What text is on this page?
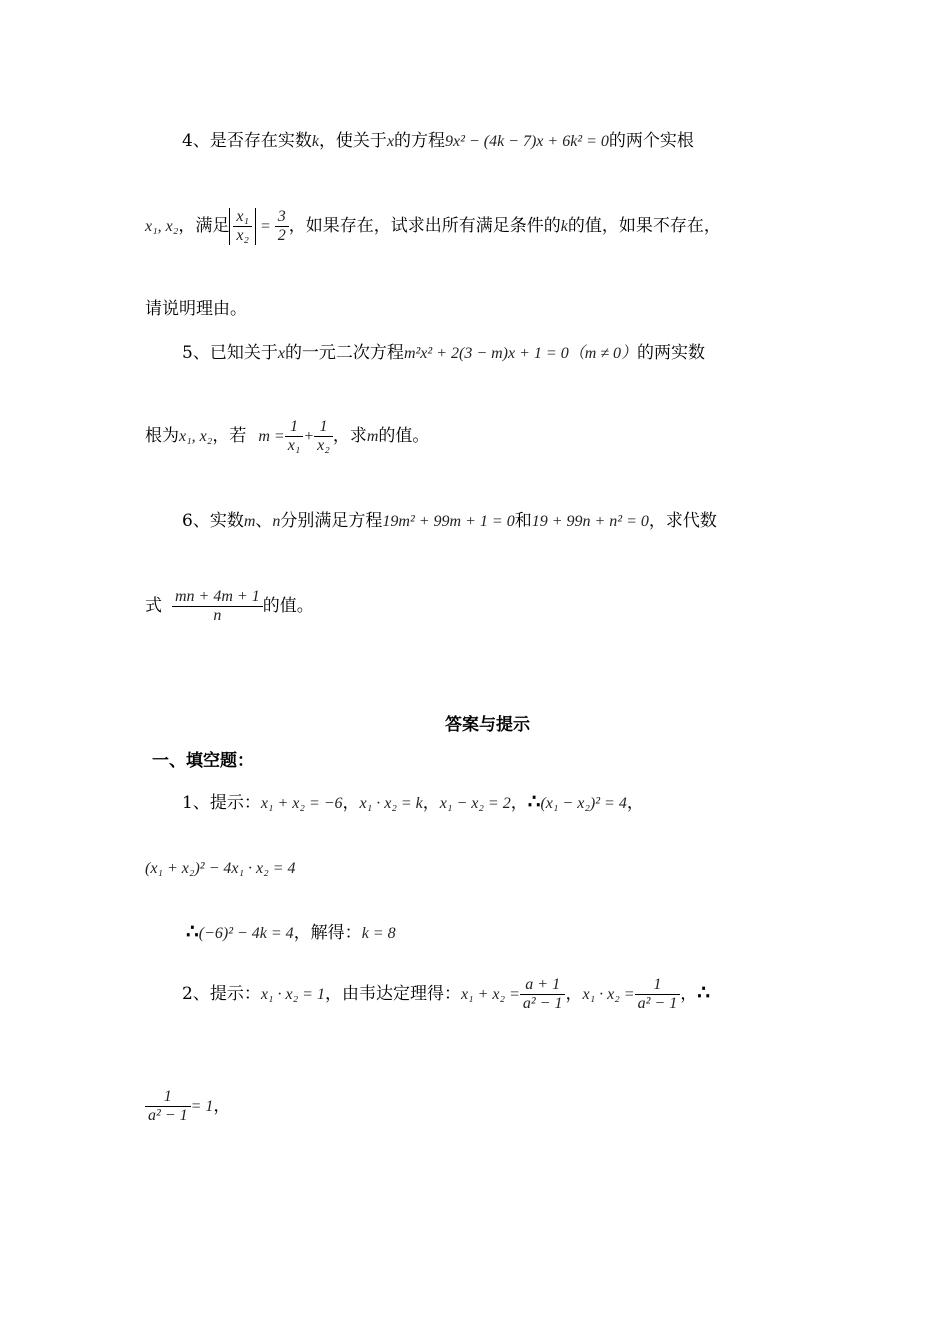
4、是否存在实数k，使关于x的方程9x² − (4k − 7)x + 6k² = 0的两个实根
x₁, x₂，满足 $\frac{\text{x₁}}{\text{x₂}} = \frac{3}{2}$ ，如果存在，试求出所有满足条件的k的值，如果不存在，
请说明理由。
5、已知关于x的一元二次方程m²x² + 2(3 − m)x + 1 = 0（m ≠ 0）的两实数
根为x₁, x₂，若 $m = \frac{1}{\text{x₁}} + \frac{1}{\text{x₂}}$ ，求m的值。
6、实数m、n分别满足方程19m² + 99m + 1 = 0和19 + 99n + n² = 0，求代数
式 $\frac{mn + 4m + 1}{n}$ 的值。
答案与提示
一、填空题：
1、提示：x₁ + x₂ = −6，x₁ · x₂ = k，x₁ − x₂ = 2，∴(x₁ − x₂)² = 4，
(x₁ + x₂)² − 4x₁ · x₂ = 4
∴(−6)² − 4k = 4，解得：k = 8
2、提示：x₁ · x₂ = 1，由韦达定理得：$x_1 + x_2 = \frac{a + 1}{\text{a² − 1}}$ ，$x_1 \cdot x_2 = \frac{1}{\text{a² − 1}}$ ，∴
$\frac{1}{\text{a² − 1}} = 1$，
